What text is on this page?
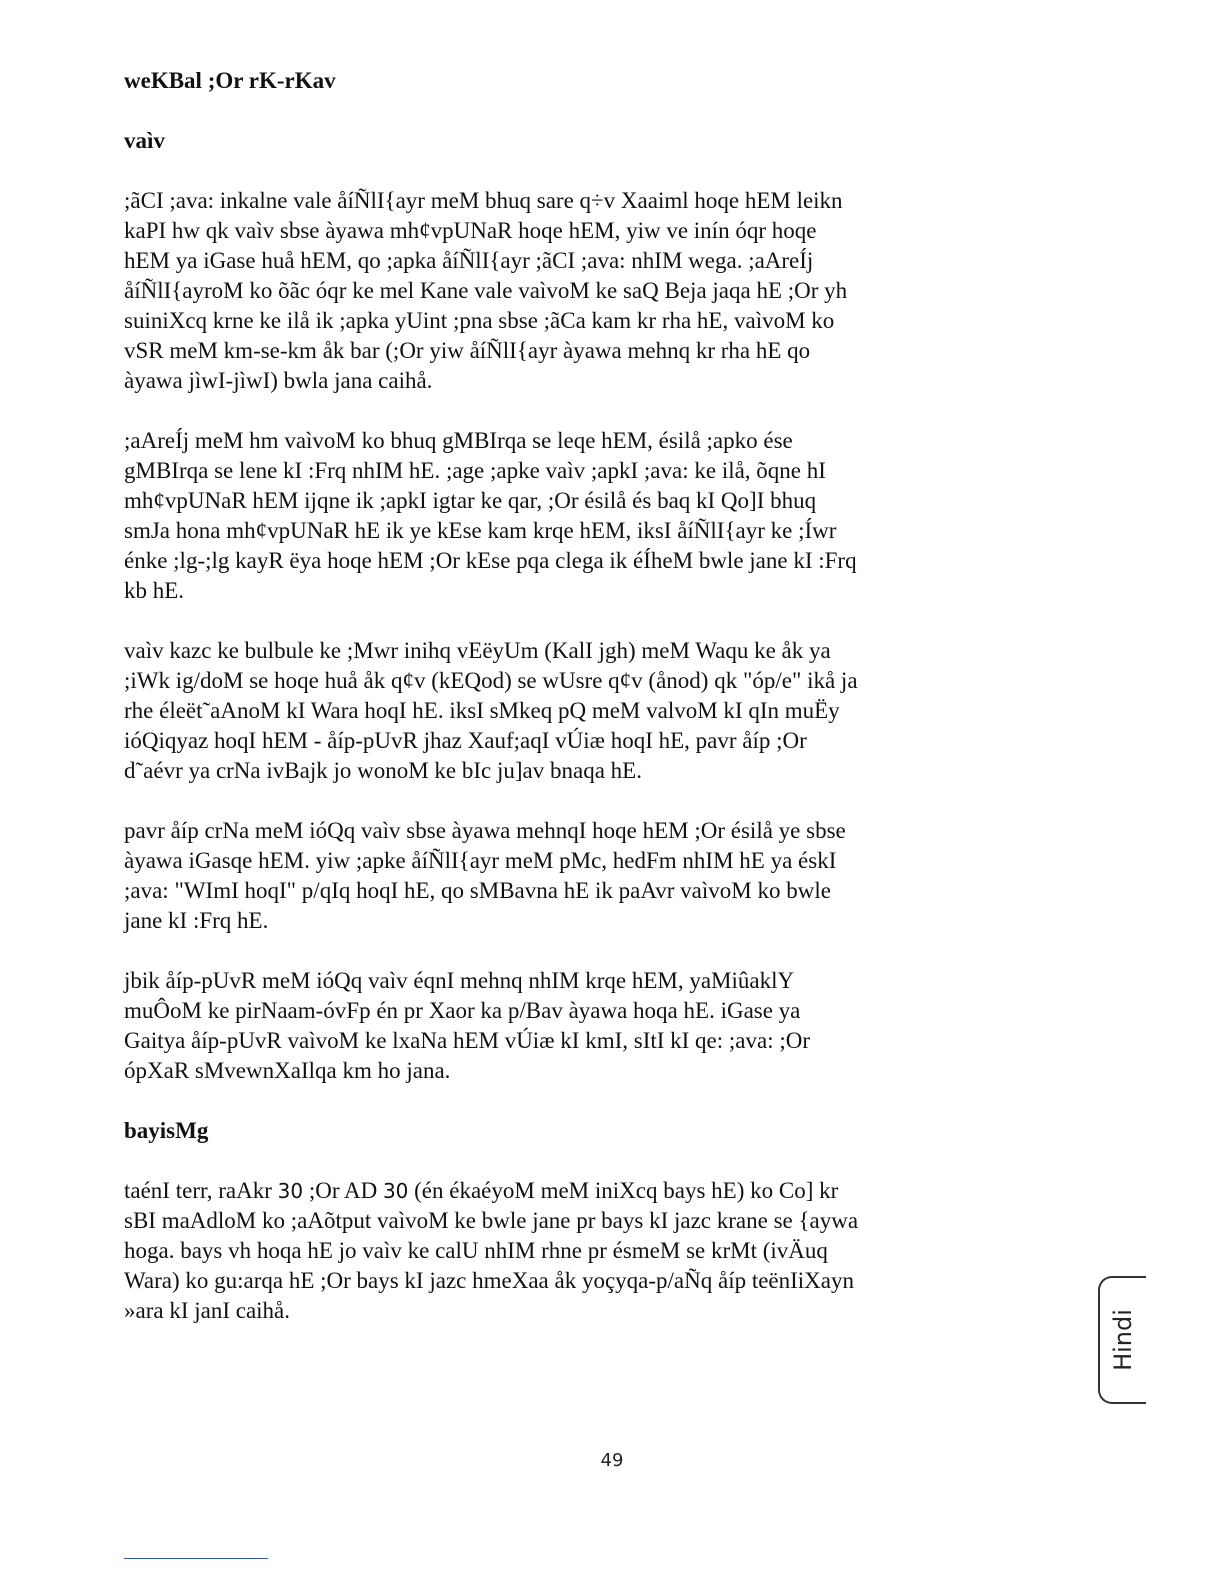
weKBal ;Or rK-rKav
vaìv
;ãCI ;ava: inkalne vale åíÑlI{ayr meM bhuq sare q÷v Xaaiml hoqe hEM leikn
kaPI hw qk vaìv sbse àyawa mh¢vpUNaR hoqe hEM, yiw ve inín óqr hoqe
hEM ya iGase huå hEM, qo ;apka åíÑlI{ayr ;ãCI ;ava: nhIM wega. ;aAreÍj
åíÑlI{ayroM ko õãc óqr ke mel Kane vale vaìvoM ke saQ Beja jaqa hE ;Or yh
suiniXcq krne ke ilå ik ;apka yUint ;pna sbse ;ãCa kam kr rha hE, vaìvoM ko
vSR meM km-se-km åk bar (;Or yiw åíÑlI{ayr àyawa mehnq kr rha hE qo
àyawa jìwI-jìwI) bwla jana caihå.
;aAreÍj meM hm vaìvoM ko bhuq gMBIrqa se leqe hEM, ésilå ;apko ése
gMBIrqa se lene kI :Frq nhIM hE. ;age ;apke vaìv ;apkI ;ava: ke ilå, õqne hI
mh¢vpUNaR hEM ijqne ik ;apkI igtar ke qar, ;Or ésilå és baq kI Qo]I bhuq
smJa hona mh¢vpUNaR hE ik ye kEse kam krqe hEM, iksI åíÑlI{ayr ke ;Íwr
énke ;lg-;lg kayR ëya hoqe hEM ;Or kEse pqa clega ik éÍheM bwle jane kI :Frq
kb hE.
vaìv kazc ke bulbule ke ;Mwr inihq vEëyUm (KalI jgh) meM Waqu ke åk ya
;iWk ig/doM se hoqe huå åk q¢v (kEQod) se wUsre q¢v (ånod) qk "óp/e" ikå ja
rhe éleët˜aAnoM kI Wara hoqI hE. iksI sMkeq pQ meM valvoM kI qIn muËy
ióQiqyaz hoqI hEM - åíp-pUvR jhaz Xauf;aqI vÚiæ hoqI hE, pavr åíp ;Or
d˜aévr ya crNa ivBajk jo wonoM ke bIc ju]av bnaqa hE.
pavr åíp crNa meM ióQq vaìv sbse àyawa mehnqI hoqe hEM ;Or ésilå ye sbse
àyawa iGasqe hEM. yiw ;apke åíÑlI{ayr meM pMc, hedFm nhIM hE ya éskI
;ava: "WImI hoqI" p/qIq hoqI hE, qo sMBavna hE ik paAvr vaìvoM ko bwle
jane kI :Frq hE.
jbik åíp-pUvR meM ióQq vaìv éqnI mehnq nhIM krqe hEM, yaMiûaklY
muÔoM ke pirNaam-óvFp én pr Xaor ka p/Bav àyawa hoqa hE. iGase ya
Gaitya åíp-pUvR vaìvoM ke lxaNa hEM vÚiæ kI kmI, sItI kI qe: ;ava: ;Or
ópXaR sMvewnXaIlqa km ho jana.
bayisMg
taénI terr, raAkr 30 ;Or AD 30 (én ékaéyoM meM iniXcq bays hE) ko Co] kr
sBI maAdloM ko ;aAõtput vaìvoM ke bwle jane pr bays kI jazc krane se {aywa
hoga. bays vh hoqa hE jo vaìv ke calU nhIM rhne pr ésmeM se krMt (ivÄuq
Wara) ko gu:arqa hE ;Or bays kI jazc hmeXaa åk yoçyqa-p/aÑq åíp teënIiXayn
»ara kI janI caihå.	Hindi
49
